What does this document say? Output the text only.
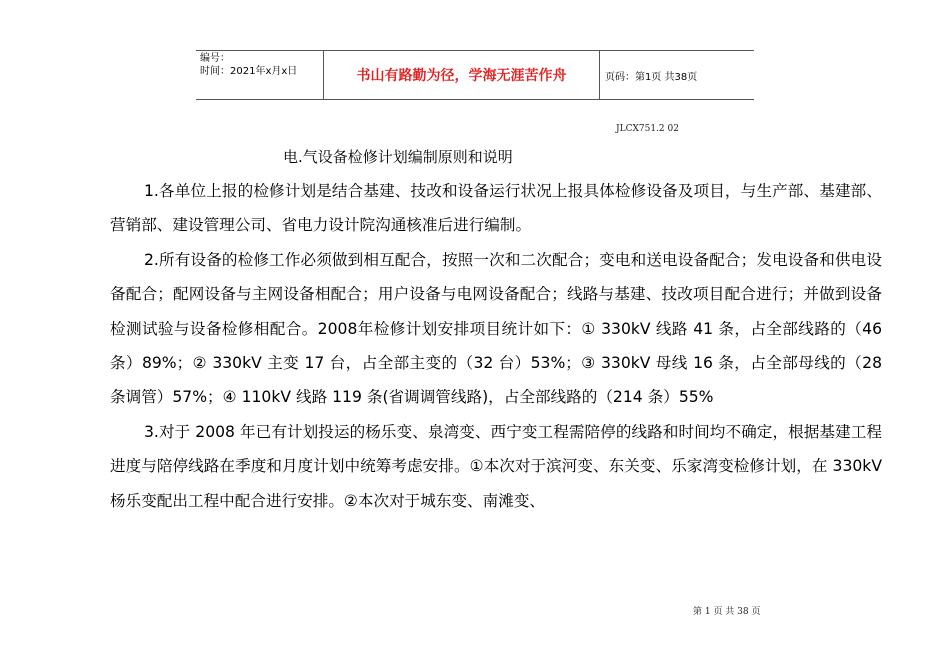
编号：
时间：2021年x月x日	书山有路勤为径，学海无涯苦作舟	页码：第1页 共38页
JLCX751.2 02
电.气设备检修计划编制原则和说明

1.各单位上报的检修计划是结合基建、技改和设备运行状况上报具体检修设备及项目，与生产部、基建部、营销部、建设管理公司、省电力设计院沟通核准后进行编制。

2.所有设备的检修工作必须做到相互配合，按照一次和二次配合；变电和送电设备配合；发电设备和供电设备配合；配网设备与主网设备相配合；用户设备与电网设备配合；线路与基建、技改项目配合进行；并做到设备检测试验与设备检修相配合。2008年检修计划安排项目统计如下：① 330kV 线路 41 条，占全部线路的（46 条）89%；② 330kV 主变 17 台，占全部主变的（32 台）53%；③ 330kV 母线 16 条，占全部母线的（28 条调管）57%；④ 110kV 线路 119 条(省调调管线路)，占全部线路的（214 条）55%

3.对于 2008 年已有计划投运的杨乐变、泉湾变、西宁变工程需陪停的线路和时间均不确定，根据基建工程进度与陪停线路在季度和月度计划中统筹考虑安排。①本次对于滨河变、东关变、乐家湾变检修计划，在 330kV 杨乐变配出工程中配合进行安排。②本次对于城东变、南滩变、

第 1 页 共 38 页
